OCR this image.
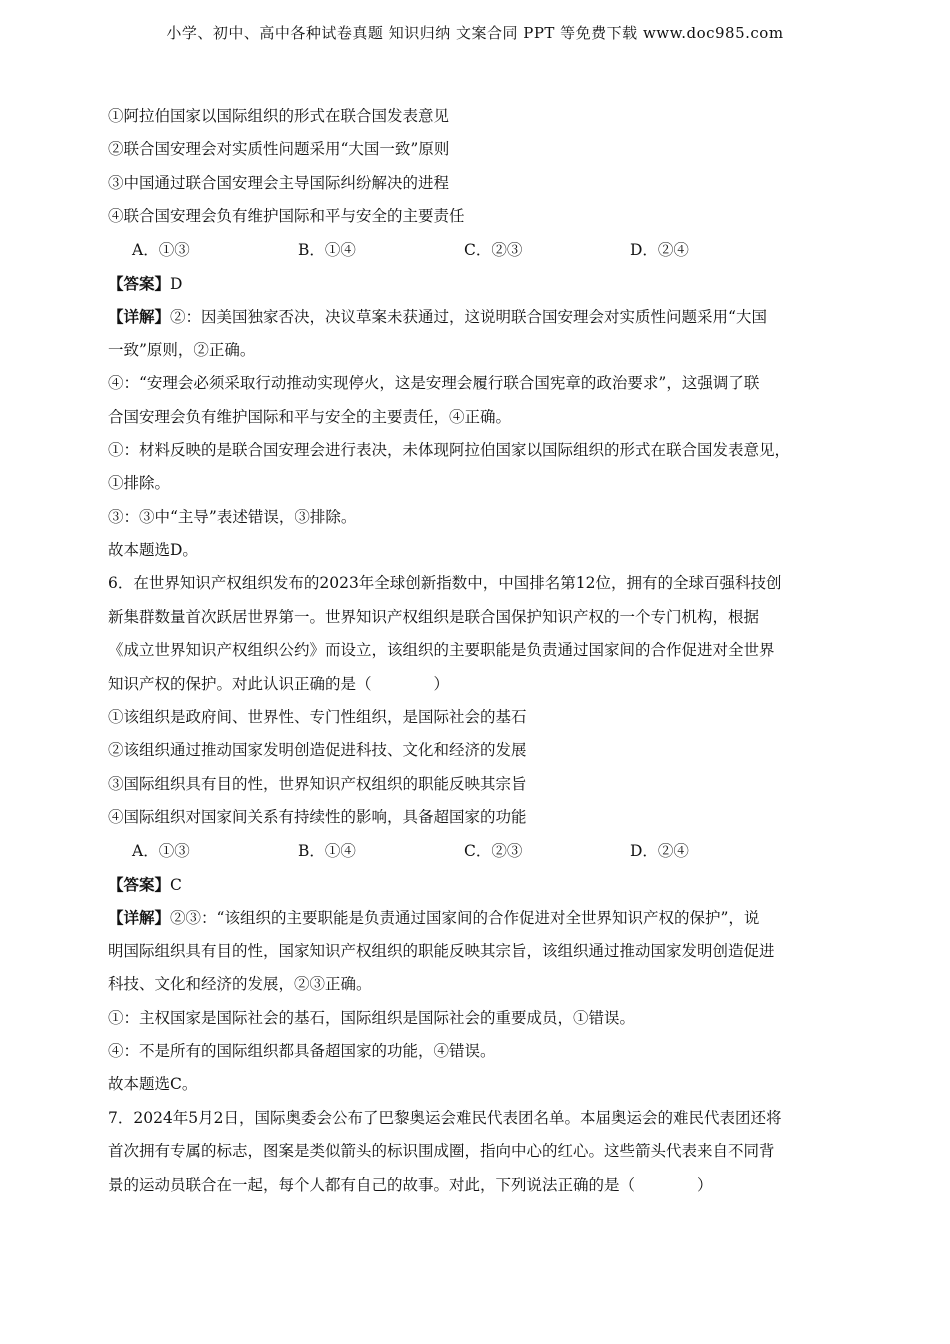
小学、初中、高中各种试卷真题 知识归纳 文案合同 PPT 等免费下载 www.doc985.com
①阿拉伯国家以国际组织的形式在联合国发表意见
②联合国安理会对实质性问题采用“大国一致”原则
③中国通过联合国安理会主导国际纠纷解决的进程
④联合国安理会负有维护国际和平与安全的主要责任
A．①③	B．①④	C．②③	D．②④
【答案】D
【详解】②：因美国独家否决，决议草案未获通过，这说明联合国安理会对实质性问题采用“大国
一致”原则，②正确。
④：“安理会必须采取行动推动实现停火，这是安理会履行联合国宪章的政治要求”，这强调了联
合国安理会负有维护国际和平与安全的主要责任，④正确。
①：材料反映的是联合国安理会进行表决，未体现阿拉伯国家以国际组织的形式在联合国发表意见，
①排除。
③：③中“主导”表述错误，③排除。
故本题选D。
6．在世界知识产权组织发布的2023年全球创新指数中，中国排名第12位，拥有的全球百强科技创
新集群数量首次跃居世界第一。世界知识产权组织是联合国保护知识产权的一个专门机构，根据
《成立世界知识产权组织公约》而设立，该组织的主要职能是负责通过国家间的合作促进对全世界
知识产权的保护。对此认识正确的是（　　　　）
①该组织是政府间、世界性、专门性组织，是国际社会的基石
②该组织通过推动国家发明创造促进科技、文化和经济的发展
③国际组织具有目的性，世界知识产权组织的职能反映其宗旨
④国际组织对国家间关系有持续性的影响，具备超国家的功能
A．①③	B．①④	C．②③	D．②④
【答案】C
【详解】②③：“该组织的主要职能是负责通过国家间的合作促进对全世界知识产权的保护”，说
明国际组织具有目的性，国家知识产权组织的职能反映其宗旨，该组织通过推动国家发明创造促进
科技、文化和经济的发展，②③正确。
①：主权国家是国际社会的基石，国际组织是国际社会的重要成员，①错误。
④：不是所有的国际组织都具备超国家的功能，④错误。
故本题选C。
7．2024年5月2日，国际奥委会公布了巴黎奥运会难民代表团名单。本届奥运会的难民代表团还将
首次拥有专属的标志，图案是类似箭头的标识围成圈，指向中心的红心。这些箭头代表来自不同背
景的运动员联合在一起，每个人都有自己的故事。对此，下列说法正确的是（　　　　）
